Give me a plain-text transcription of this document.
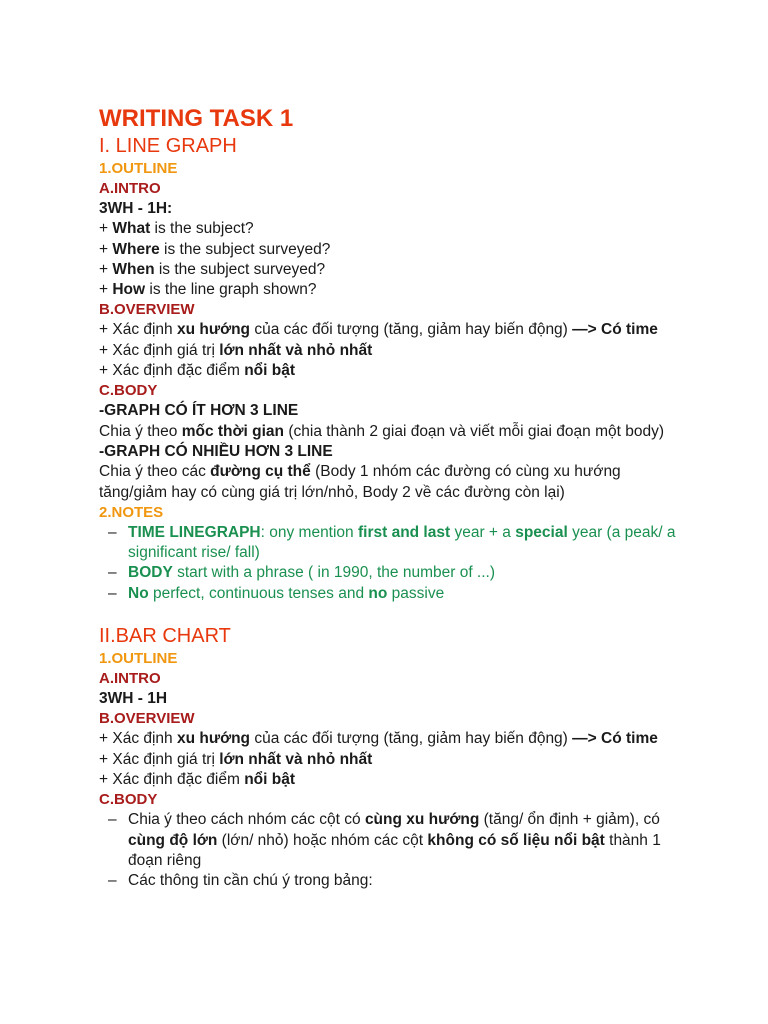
WRITING TASK 1
I. LINE GRAPH
1.OUTLINE
A.INTRO
3WH - 1H:
+ What is the subject?
+ Where is the subject surveyed?
+ When is the subject surveyed?
+ How is the line graph shown?
B.OVERVIEW
+ Xác định xu hướng của các đối tượng (tăng, giảm hay biến động) —> Có time
+ Xác định giá trị lớn nhất và nhỏ nhất
+ Xác định đặc điểm nổi bật
C.BODY
-GRAPH CÓ ÍT HƠN 3 LINE
Chia ý theo mốc thời gian (chia thành 2 giai đoạn và viết mỗi giai đoạn một body)
-GRAPH CÓ NHIỀU HƠN 3 LINE
Chia ý theo các đường cụ thể (Body 1 nhóm các đường có cùng xu hướng tăng/giảm hay có cùng giá trị lớn/nhỏ, Body 2 về các đường còn lại)
2.NOTES
– TIME LINEGRAPH: ony mention first and last year + a special year (a peak/ a significant rise/ fall)
– BODY start with a phrase ( in 1990, the number of ...)
– No perfect, continuous tenses and no passive
II.BAR CHART
1.OUTLINE
A.INTRO
3WH - 1H
B.OVERVIEW
+ Xác định xu hướng của các đối tượng (tăng, giảm hay biến động) —> Có time
+ Xác định giá trị lớn nhất và nhỏ nhất
+ Xác định đặc điểm nổi bật
C.BODY
– Chia ý theo cách nhóm các cột có cùng xu hướng (tăng/ ổn định + giảm), có cùng độ lớn (lớn/ nhỏ) hoặc nhóm các cột không có số liệu nổi bật thành 1 đoạn riêng
– Các thông tin cần chú ý trong bảng:
